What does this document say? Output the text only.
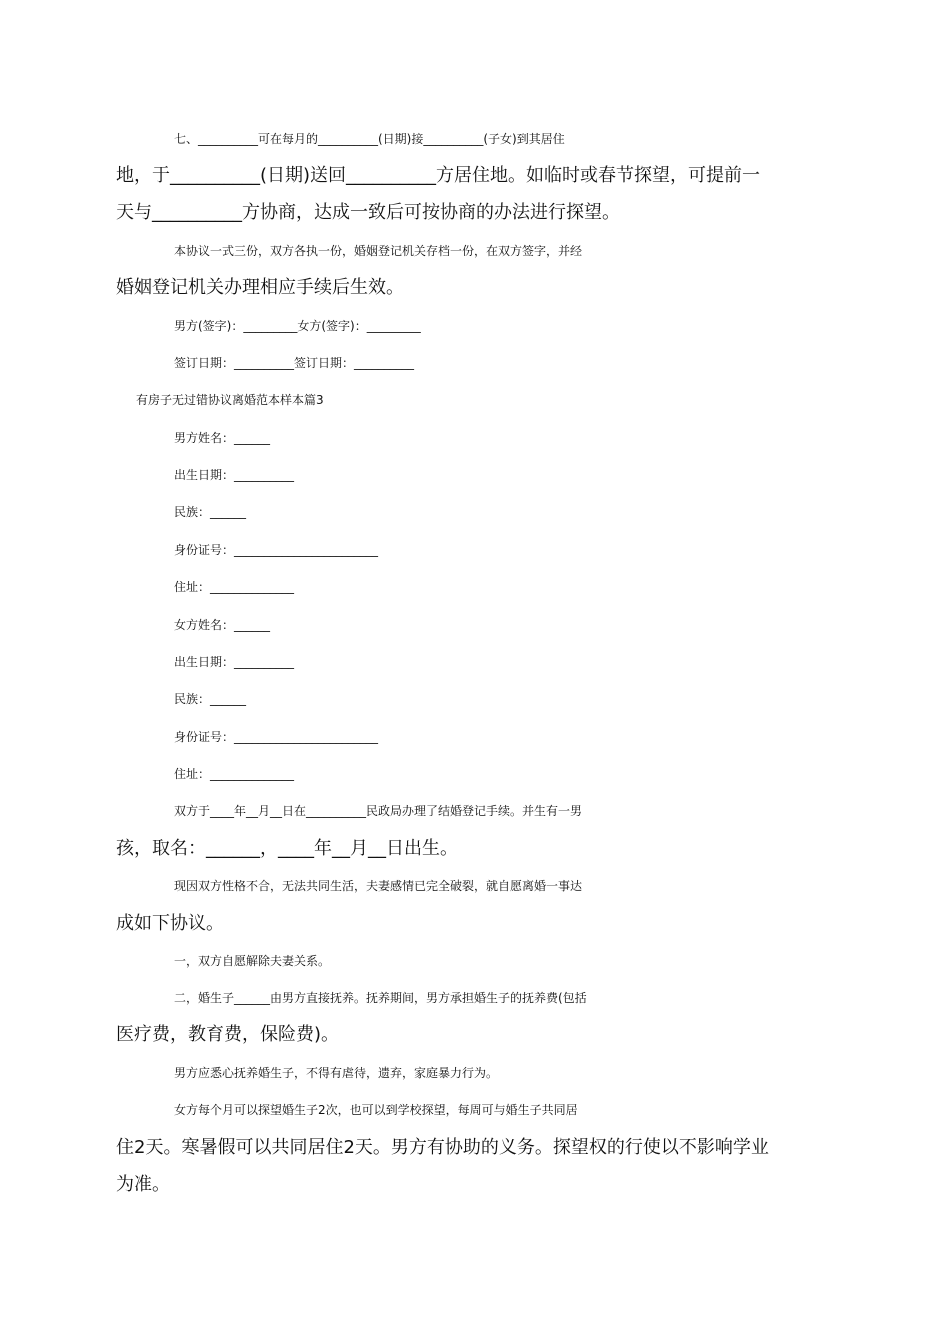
七、__________可在每月的__________(日期)接__________(子女)到其居住
地，于__________(日期)送回__________方居住地。如临时或春节探望，可提前一
天与__________方协商，达成一致后可按协商的办法进行探望。
本协议一式三份，双方各执一份，婚姻登记机关存档一份，在双方签字，并经
婚姻登记机关办理相应手续后生效。
男方(签字)：_________女方(签字)：_________
签订日期：__________签订日期：__________
有房子无过错协议离婚范本样本篇3
男方姓名：______
出生日期：__________
民族：______
身份证号：________________________
住址：______________
女方姓名：______
出生日期：__________
民族：______
身份证号：________________________
住址：______________
双方于____年__月__日在__________民政局办理了结婚登记手续。并生有一男
孩，取名：______，____年__月__日出生。
现因双方性格不合，无法共同生活，夫妻感情已完全破裂，就自愿离婚一事达
成如下协议。
一，双方自愿解除夫妻关系。
二，婚生子______由男方直接抚养。抚养期间，男方承担婚生子的抚养费(包括
医疗费，教育费，保险费)。
男方应悉心抚养婚生子，不得有虐待，遗弃，家庭暴力行为。
女方每个月可以探望婚生子2次，也可以到学校探望，每周可与婚生子共同居
住2天。寒暑假可以共同居住2天。男方有协助的义务。探望权的行使以不影响学业
为准。
